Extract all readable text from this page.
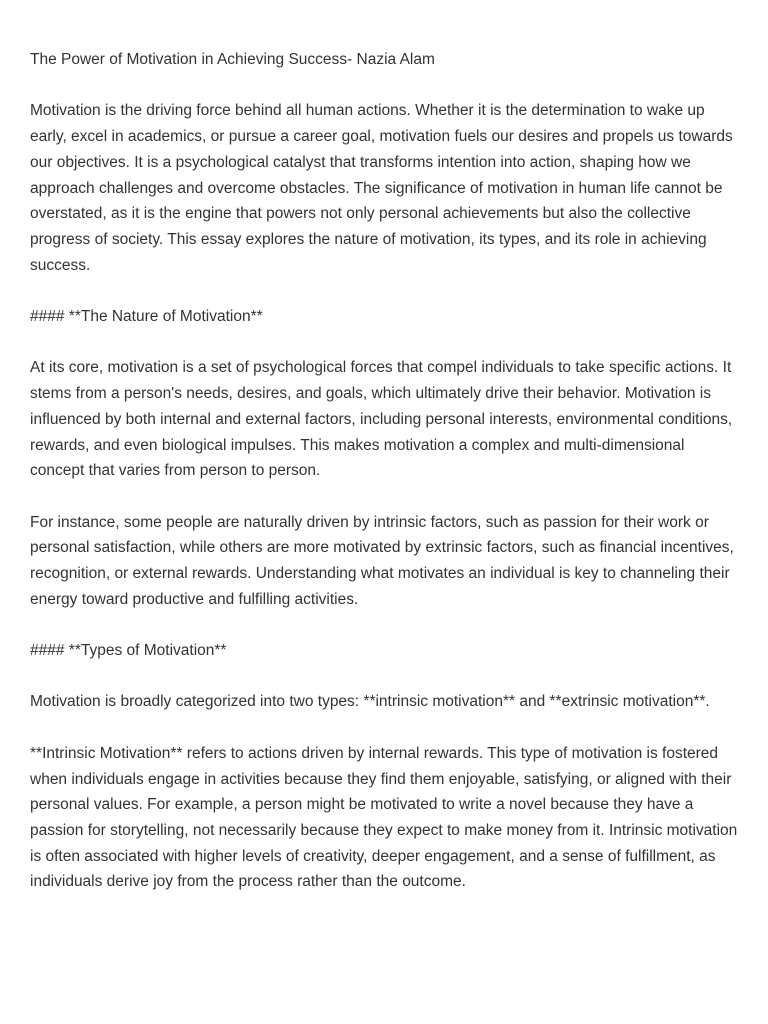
The Power of Motivation in Achieving Success- Nazia Alam

Motivation is the driving force behind all human actions. Whether it is the determination to wake up early, excel in academics, or pursue a career goal, motivation fuels our desires and propels us towards our objectives. It is a psychological catalyst that transforms intention into action, shaping how we approach challenges and overcome obstacles. The significance of motivation in human life cannot be overstated, as it is the engine that powers not only personal achievements but also the collective progress of society. This essay explores the nature of motivation, its types, and its role in achieving success.

#### **The Nature of Motivation**

At its core, motivation is a set of psychological forces that compel individuals to take specific actions. It stems from a person's needs, desires, and goals, which ultimately drive their behavior. Motivation is influenced by both internal and external factors, including personal interests, environmental conditions, rewards, and even biological impulses. This makes motivation a complex and multi-dimensional concept that varies from person to person.

For instance, some people are naturally driven by intrinsic factors, such as passion for their work or personal satisfaction, while others are more motivated by extrinsic factors, such as financial incentives, recognition, or external rewards. Understanding what motivates an individual is key to channeling their energy toward productive and fulfilling activities.

#### **Types of Motivation**

Motivation is broadly categorized into two types: **intrinsic motivation** and **extrinsic motivation**.

**Intrinsic Motivation** refers to actions driven by internal rewards. This type of motivation is fostered when individuals engage in activities because they find them enjoyable, satisfying, or aligned with their personal values. For example, a person might be motivated to write a novel because they have a passion for storytelling, not necessarily because they expect to make money from it. Intrinsic motivation is often associated with higher levels of creativity, deeper engagement, and a sense of fulfillment, as individuals derive joy from the process rather than the outcome.
